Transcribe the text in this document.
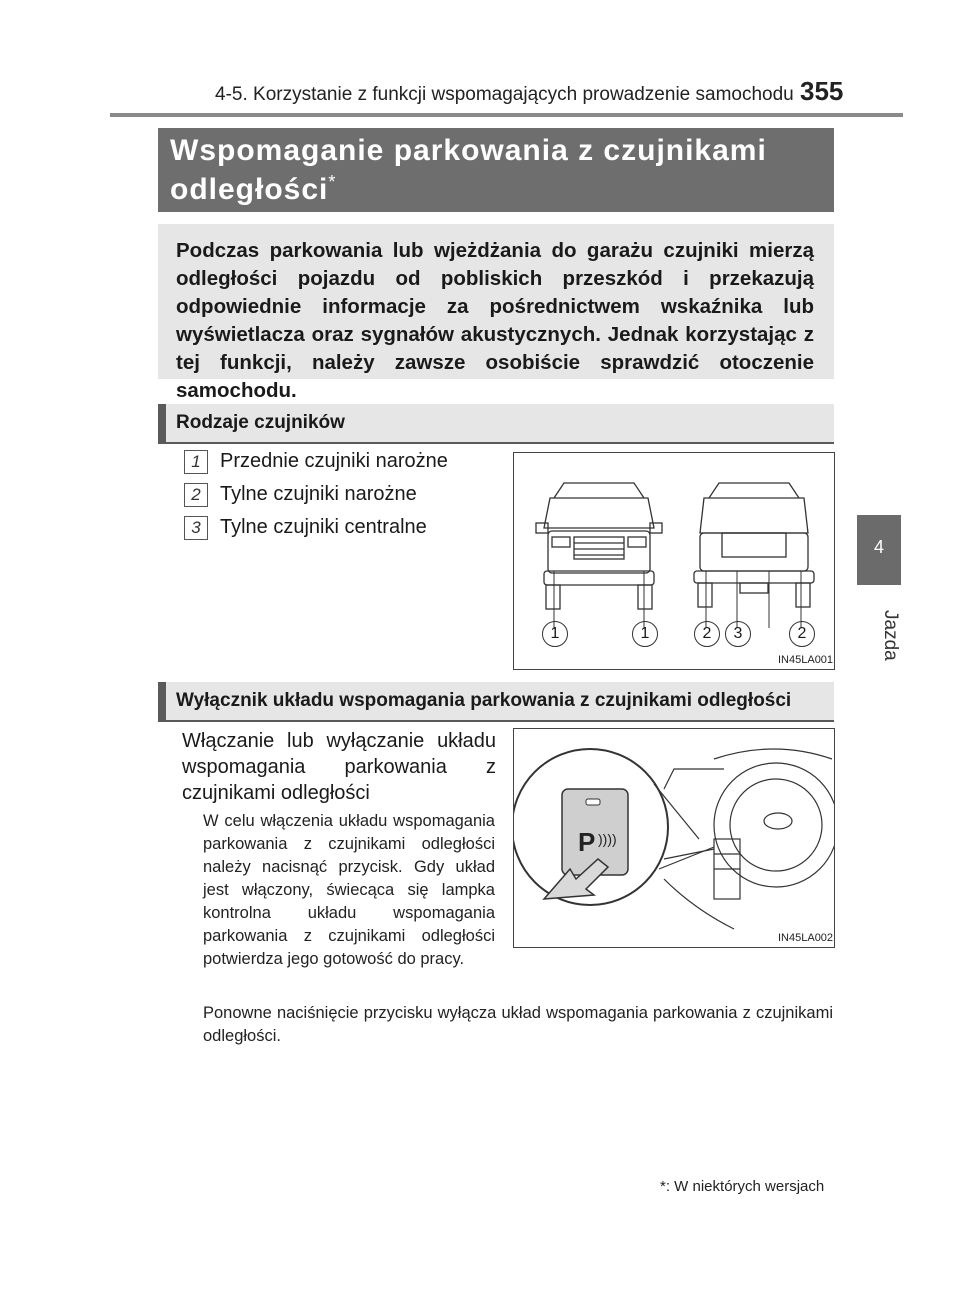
4-5. Korzystanie z funkcji wspomagających prowadzenie samochodu 355
4
Jazda
Wspomaganie parkowania z czujnikami
odległości*
Podczas parkowania lub wjeżdżania do garażu czujniki mierzą odległości pojazdu od pobliskich przeszkód i przekazują odpowiednie informacje za pośrednictwem wskaźnika lub wyświetlacza oraz sygnałów akustycznych. Jednak korzystając z tej funkcji, należy zawsze osobiście sprawdzić otoczenie samochodu.
Rodzaje czujników
1 Przednie czujniki narożne
2 Tylne czujniki narożne
3 Tylne czujniki centralne
1	1	2	3	2
IN45LA001
Wyłącznik układu wspomagania parkowania z czujnikami odległości
Włączanie lub wyłączanie układu wspomagania parkowania z czujnikami odległości
W celu włączenia układu wspomagania parkowania z czujnikami odległości należy nacisnąć przycisk. Gdy układ jest włączony, świecąca się lampka kontrolna układu wspomagania parkowania z czujnikami odległości potwierdza jego gotowość do pracy.
Ponowne naciśnięcie przycisku wyłącza układ wspomagania parkowania z czujnikami odległości.
P ))))
IN45LA002
*: W niektórych wersjach
